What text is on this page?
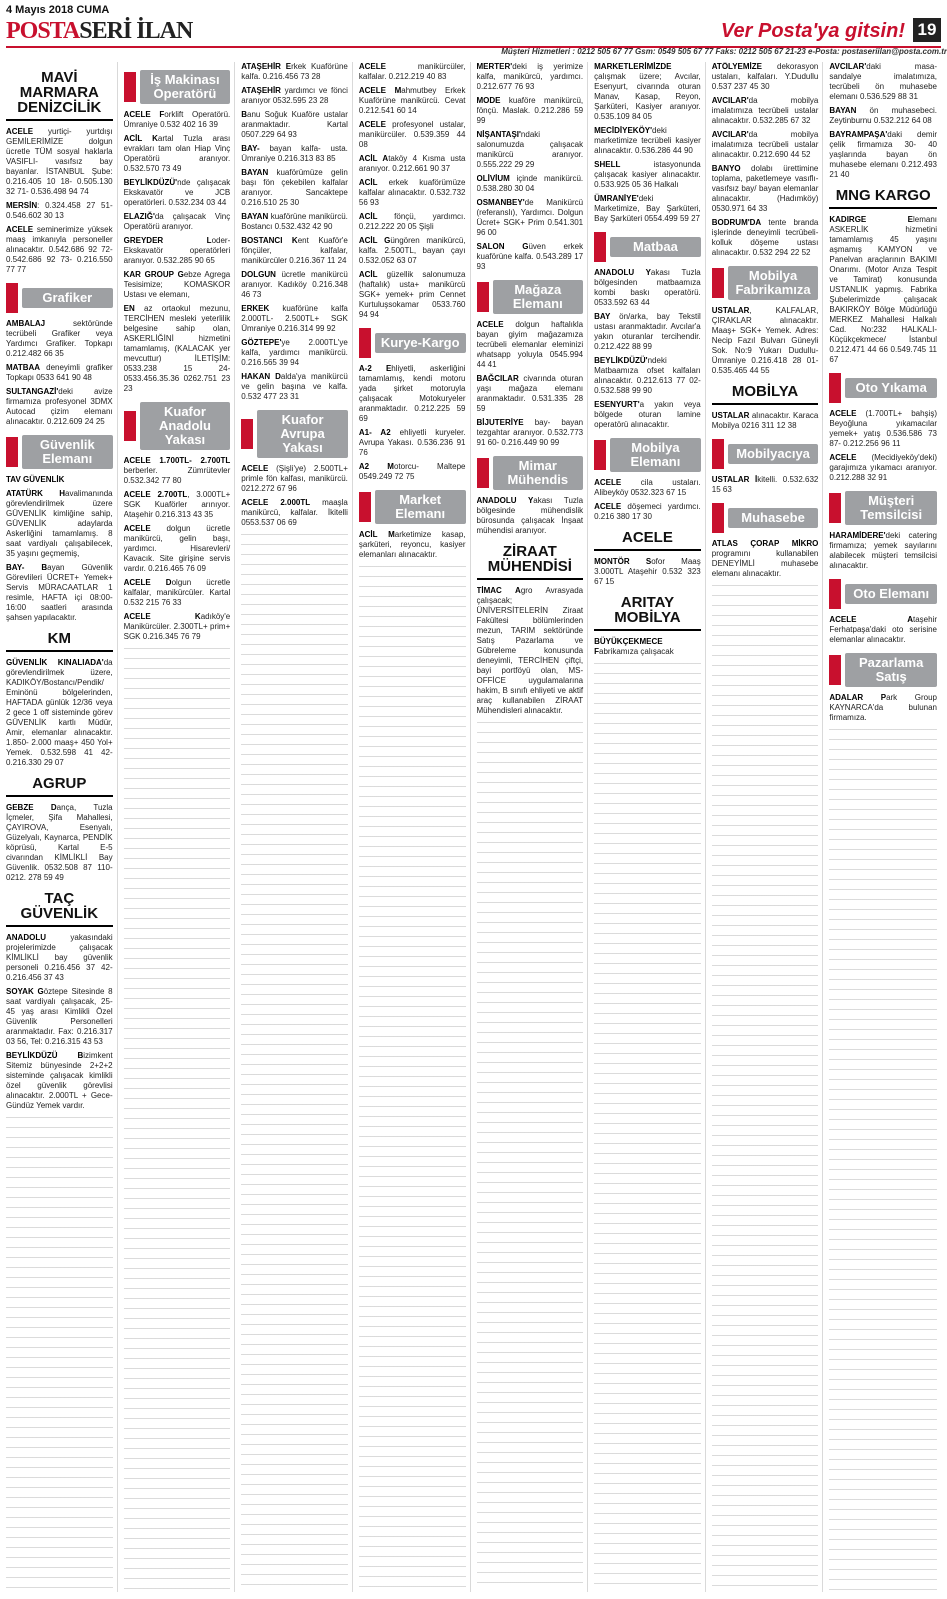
4 Mayıs 2018 CUMA
POSTASERİ İLAN	Ver Posta'ya gitsin! 19
Müşteri Hizmetleri : 0212 505 67 77 Gsm: 0549 505 67 77 Faks: 0212 505 67 21-23 e-Posta: postaseriilan@posta.com.tr
MAVİ MARMARA DENİZCİLİK

ACELE yurtiçi- yurtdışı GEMİLERİMİZE dolgun ücretle TÜM sosyal haklarla VASIFLI- vasıfsız bay bayanlar. İSTANBUL Şube: 0.216.405 10 18- 0.505.130 32 71- 0.536.498 94 74

MERSİN: 0.324.458 27 51- 0.546.602 30 13

ACELE seminerimize yüksek maaş imkanıyla personeller alınacaktır. 0.542.686 92 72- 0.542.686 92 73- 0.216.550 77 77

Grafiker

AMBALAJ sektöründe tecrübeli Grafiker veya Yardımcı Grafiker. Topkapı 0.212.482 66 35

MATBAA deneyimli grafiker Topkapı 0533 641 90 48

SULTANGAZİ'deki avize firmamıza profesyonel 3DMX Autocad çizim elemanı alınacaktır. 0.212.609 24 25

Güvenlik Elemanı

TAV GÜVENLİK

ATATÜRK Havalimanında görevlendirilmek üzere GÜVENLİK kimliğine sahip, GÜVENLİK adaylarda Askerliğini tamamlamış. 8 saat vardiyalı çalışabilecek, 35 yaşını geçmemiş,

BAY- Bayan Güvenlik Görevlileri ÜCRET+ Yemek+ Servis MÜRACAATLAR 1 resimle, HAFTA içi 08:00-16:00 saatleri arasında şahsen yapılacaktır.

KM

GÜVENLİK KINALIADA'da görevlendirilmek üzere, KADIKÖY/Bostancı/Pendik/ Eminönü bölgelerinden, HAFTADA günlük 12/36 veya 2 gece 1 off sisteminde görev GÜVENLİK kartlı Müdür, Amir, elemanlar alınacaktır. 1.850- 2.000 maaş+ 450 Yol+ Yemek. 0.532.598 41 42- 0.216.330 29 07

AGRUP

GEBZE Dança, Tuzla İçmeler, Şifa Mahallesi, ÇAYIROVA, Esenyalı, Güzelyalı, Kaynarca, PENDİK köprüsü, Kartal E-5 civarından KİMLİKLİ Bay Güvenlik. 0532.508 87 110- 0212. 278 59 49

TAÇ GÜVENLİK

ANADOLU yakasındaki projelerimizde çalışacak KİMLİKLİ bay güvenlik personeli 0.216.456 37 42- 0.216.456 37 43

SOYAK Göztepe Sitesinde 8 saat vardiyalı çalışacak, 25- 45 yaş arası Kimlikli Özel Güvenlik Personelleri aranmaktadır. Fax: 0.216.317 03 56, Tel: 0.216.315 43 53

BEYLİKDÜZÜ Bizimkent Sitemiz bünyesinde 2+2+2 sisteminde çalışacak kimlikli özel güvenlik görevlisi alınacaktır. 2.000TL + Gece- Gündüz Yemek vardır.

İş Makinası Operatörü

ACELE Forklift Operatörü. Ümraniye 0.532 402 16 39

ACİL Kartal Tuzla arası evrakları tam olan Hiap Vinç Operatörü aranıyor. 0.532.570 73 49

BEYLİKDÜZÜ'nde çalışacak Ekskavatör ve JCB operatörleri. 0.532.234 03 44

ELAZIĞ'da çalışacak Vinç Operatörü aranıyor.

GREYDER Loder- Ekskavatör operatörleri aranıyor. 0.532.285 90 65

KAR GROUP Gebze Agrega Tesisimize; KOMASKOR Ustası ve elemanı,

EN az ortaokul mezunu, TERCİHEN mesleki yeterlilik belgesine sahip olan, ASKERLİĞİNİ hizmetini tamamlamış, (KALACAK yer mevcuttur) İLETİŞİM: 0533.238 15 24- 0533.456.35.36 0262.751 23 23

Kuafor Anadolu Yakası

ACELE 1.700TL- 2.700TL berberler. Zümrütevler 0.532.342 77 80

ACELE 2.700TL, 3.000TL+ SGK Kuaförler arınıyor. Ataşehir 0.216.313 43 35

ACELE dolgun ücretle manikürcü, gelin başı, yardımcı. Hisarevleri/ Kavacık. Site girişine servis vardır. 0.216.465 76 09

ACELE Dolgun ücretle kalfalar, manikürcüler. Kartal 0.532 215 76 33

ACELE Kadıköy'e Manikürcüler. 2.300TL+ prim+ SGK 0.216.345 76 79

ATAŞEHİR Erkek Kuaförüne kalfa. 0.216.456 73 28

ATAŞEHİR yardımcı ve fönci aranıyor 0532.595 23 28

Banu Soğuk Kuaföre ustalar aranmaktadır. Kartal 0507.229 64 93

BAY- bayan kalfa- usta. Ümraniye 0.216.313 83 85

BAYAN kuaförümüze gelin başı fön çekebilen kalfalar aranıyor. Sancaktepe 0.216.510 25 30

BAYAN kuaförüne manikürcü. Bostancı 0.532.432 42 90

BOSTANCI Kent Kuaför'e fönçüler, kalfalar, manikürcüler 0.216.367 11 24

DOLGUN ücretle manikürcü aranıyor. Kadıköy 0.216.348 46 73

ERKEK kuaförüne kalfa 2.000TL- 2.500TL+ SGK Ümraniye 0.216.314 99 92

GÖZTEPE'ye 2.000TL'ye kalfa, yardımcı manikürcü. 0.216.565 39 94

HAKAN Dalda'ya manikürcü ve gelin başına ve kalfa. 0.532 477 23 31

Kuafor Avrupa Yakası

ACELE (Şişli'ye) 2.500TL+ primle fön kalfası, manikürcü. 0212.272 67 96

ACELE 2.000TL maaşla manikürcü, kalfalar. İkitelli 0553.537 06 69

ACELE manikürcüler, kalfalar. 0.212.219 40 83

ACELE Mahmutbey Erkek Kuaförüne manikürcü. Cevat 0.212.541 60 14

ACELE profesyonel ustalar, manikürcüler. 0.539.359 44 08

ACİL Ataköy 4 Kısma usta aranıyor. 0.212.661 90 37

ACİL erkek kuaförümüze kalfalar alınacaktır. 0.532.732 56 93

ACİL fönçü, yardımcı. 0.212.222 20 05 Şişli

ACİL Güngören manikürcü, kalfa. 2.500TL, bayan çayı 0.532.052 63 07

ACİL güzellik salonumuza (haftalık) usta+ manikürcü SGK+ yemek+ prim Cennet Kurtuluşsokamar 0533.760 94 94

Kurye-Kargo

A-2 Ehliyetli, askerliğini tamamlamış, kendi motoru yada şirket motoruyla çalışacak Motokuryeler aranmaktadır. 0.212.225 59 69

A1- A2 ehliyetli kuryeler. Avrupa Yakası. 0.536.236 91 76

A2 Motorcu- Maltepe 0549.249 72 75

Market Elemanı

ACİL Marketimize kasap, şarküteri, reyoncu, kasiyer elemanları alınacaktır.

MERTER'deki iş yerimize kalfa, manikürcü, yardımcı. 0.212.677 76 93

MODE kuaföre manikürcü, fönçü. Maslak. 0.212.286 59 99

NİŞANTAŞI'ndaki salonumuzda çalışacak manikürcü aranıyor. 0.555.222 29 29

OLİVİUM içinde manikürcü. 0.538.280 30 04

OSMANBEY'de Manikürcü (referanslı), Yardımcı. Dolgun Ücret+ SGK+ Prim 0.541.301 96 00

SALON Güven erkek kuaförüne kalfa. 0.543.289 17 93

Mağaza Elemanı

ACELE dolgun haftalıkla bayan giyim mağazamıza tecrübeli elemanlar eleminizi whatsapp yoluyla 0545.994 44 41

BAĞCILAR civarında oturan yaşı mağaza elemanı aranmaktadır. 0.531.335 28 59

BİJUTERİYE bay- bayan tezgahtar aranıyor. 0.532.773 91 60- 0.216.449 90 99

Mimar Mühendis

ANADOLU Yakası Tuzla bölgesinde mühendislik bürosunda çalışacak İnşaat mühendisi aranıyor.

ZİRAAT MÜHENDİSİ

TİMAC Agro Avrasyada çalışacak; ÜNİVERSİTELERİN Ziraat Fakültesi bölümlerinden mezun, TARIM sektöründe Satış Pazarlama ve Gübreleme konusunda deneyimli, TERCİHEN çiftçi, bayi portföyü olan, MS-OFFİCE uygulamalarına hakim, B sınıfı ehliyeti ve aktif araç kullanabilen ZİRAAT Mühendisleri alınacaktır.

MARKETLERİMİZDE çalışmak üzere; Avcılar, Esenyurt, civarında oturan Manav, Kasap, Reyon, Şarküteri, Kasiyer aranıyor. 0.535.109 84 05

MECİDİYEKÖY'deki marketimize tecrübeli kasiyer alınacaktır. 0.536.286 44 90

SHELL istasyonunda çalışacak kasiyer alınacaktır. 0.533.925 05 36 Halkalı

ÜMRANİYE'deki Marketimize, Bay Şarküteri, Bay Şarküteri 0554.499 59 27

Matbaa

ANADOLU Yakası Tuzla bölgesinden matbaamıza kombi baskı operatörü. 0533.592 63 44

BAY ön/arka, bay Tekstil ustası aranmaktadır. Avcılar'a yakın oturanlar tercihendir. 0.212.422 88 99

BEYLİKDÜZÜ'ndeki Matbaamıza ofset kalfaları alınacaktır. 0.212.613 77 02- 0.532.588 99 90

ESENYURT'a yakın veya bölgede oturan lamine operatörü alınacaktır.

Mobilya Elemanı

ACELE cila ustaları. Alibeyköy 0532.323 67 15

ACELE döşemeci yardımcı. 0.216 380 17 30

ACELE

MONTÖR Sofor Maaş 3.000TL Ataşehir 0.532 323 67 15

ARITAY MOBİLYA

BÜYÜKÇEKMECE Fabrikamıza çalışacak

ATÖLYEMİZE dekorasyon ustaları, kalfaları. Y.Dudullu 0.537 237 45 30

AVCILAR'da mobilya imalatımıza tecrübeli ustalar alınacaktır. 0.532.285 67 32

AVCILAR'da mobilya imalatımıza tecrübeli ustalar alınacaktır. 0.212.690 44 52

BANYO dolabı ürettimine toplama, paketlemeye vasıflı- vasıfsız bay/ bayan elemanlar alınacaktır. (Hadımköy) 0530.971 64 33

BODRUM'DA tente branda işlerinde deneyimli tecrübeli- kolluk döşeme ustası alınacaktır. 0.532 294 22 52

Mobilya Fabrikamıza

USTALAR, KALFALAR, ÇIRAKLAR alınacaktır. Maaş+ SGK+ Yemek. Adres: Necip Fazıl Bulvarı Güneyli Sok. No:9 Yukarı Dudullu- Ümraniye 0.216.418 28 01- 0.535.465 44 55

MOBİLYA

USTALAR alınacaktır. Karaca Mobilya 0216 311 12 38

Mobilyacıya

USTALAR İkitelli. 0.532.632 15 63

Muhasebe

ATLAS ÇORAP MİKRO programını kullanabilen DENEYİMLİ muhasebe elemanı alınacaktır.

AVCILAR'daki masa- sandalye imalatımıza, tecrübeli ön muhasebe elemanı 0.536.529 88 31

BAYAN ön muhasebeci. Zeytinburnu 0.532.212 64 08

BAYRAMPAŞA'daki demir çelik firmamıza 30- 40 yaşlarında bayan ön muhasebe elemanı 0.212.493 21 40

MNG KARGO

KADIRGE Elemanı ASKERLİK hizmetini tamamlamış 45 yaşını aşmamış KAMYON ve Panelvan araçlarının BAKIMI Onarımı. (Motor Arıza Tespit ve Tamirat) konusunda USTANLIK yapmış. Fabrika Şubelerimizde çalışacak BAKIRKÖY Bölge Müdürlüğü MERKEZ Mahallesi Halkalı Cad. No:232 HALKALI- Küçükçekmece/ İstanbul 0.212.471 44 66 0.549.745 11 67

Oto Yıkama

ACELE (1.700TL+ bahşiş) Beyoğluna yıkamacılar yemek+ yatış 0.536.586 73 87- 0.212.256 96 11

ACELE (Mecidiyeköy'deki) garajımıza yıkamacı aranıyor. 0.212.288 32 91

Müşteri Temsilcisi

HARAMİDERE'deki catering firmamıza; yemek sayılarını alabilecek müşteri temsilcisi alınacaktır.

Oto Elemanı

ACELE Ataşehir Ferhatpaşa'daki oto serisine elemanlar alınacaktır.

Pazarlama Satış

ADALAR Park Group KAYNARCA'da bulunan firmamıza.
